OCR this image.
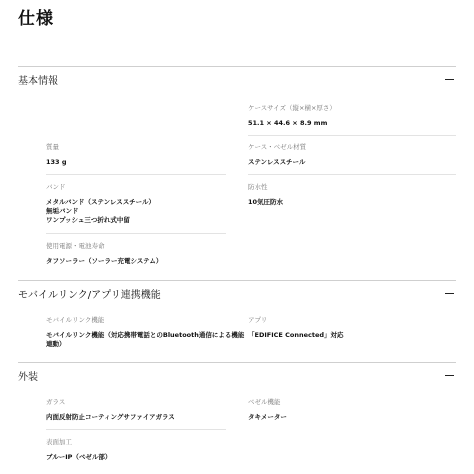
仕様
基本情報
ケースサイズ（縦×横×厚さ）
51.1 × 44.6 × 8.9 mm
質量
133 g
ケース・ベゼル材質
ステンレススチール
バンド
メタルバンド（ステンレススチール）
無垢バンド
ワンプッシュ三つ折れ式中留
防水性
10気圧防水
使用電源・電池寿命
タフソーラー（ソーラー充電システム）
モバイルリンク/アプリ連携機能
モバイルリンク機能
モバイルリンク機能（対応携帯電話とのBluetooth通信による機能
連動）
アプリ
「EDIFICE Connected」対応
外装
ガラス
内面反射防止コーティングサファイアガラス
ベゼル機能
タキメーター
表面加工
ブルーIP（ベゼル部）
